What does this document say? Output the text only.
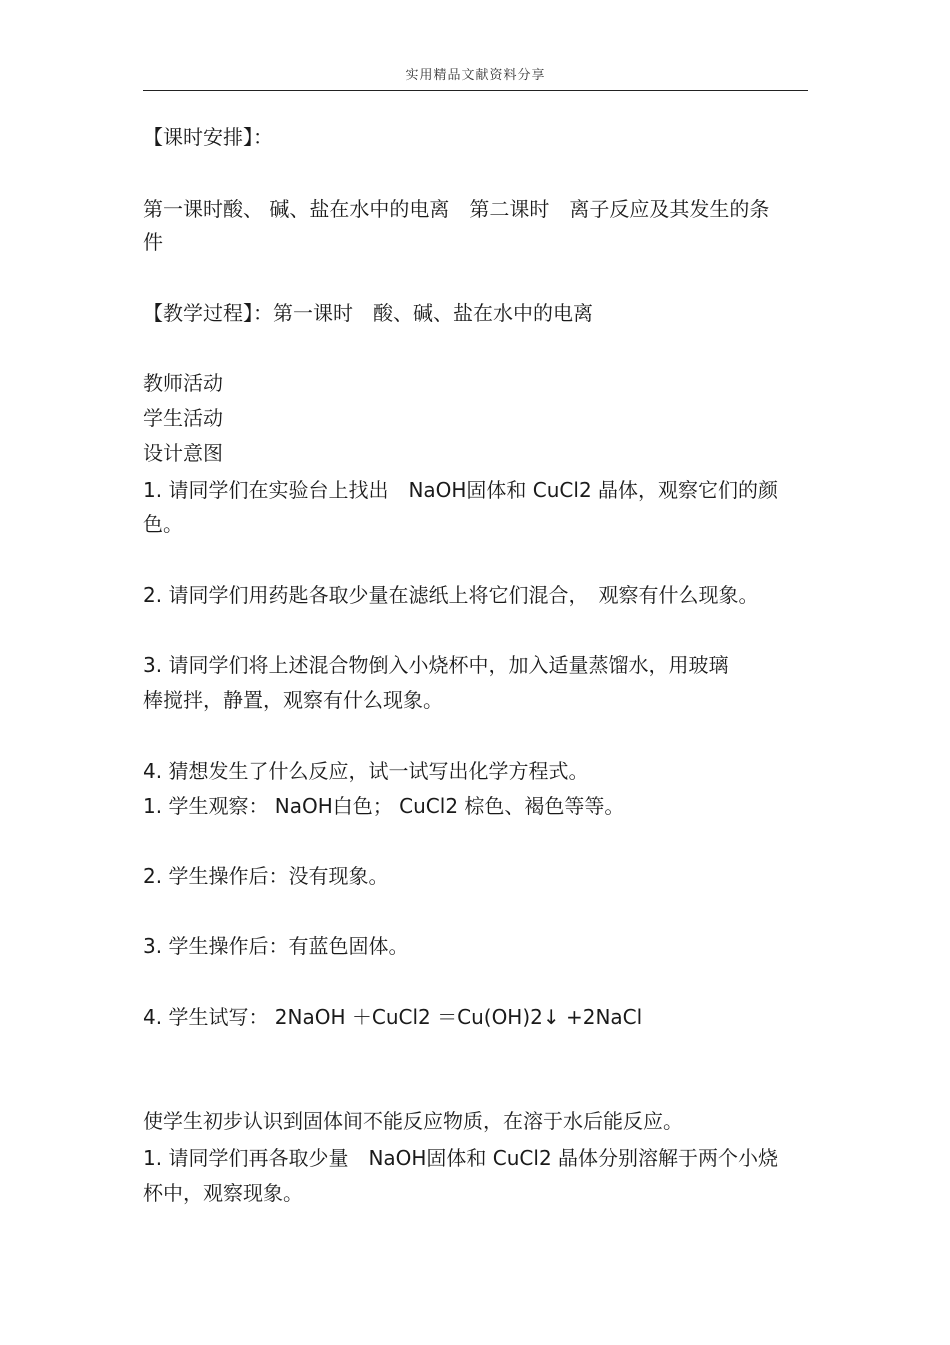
实用精品文献资料分享
【课时安排】：
第一课时酸、 碱、盐在水中的电离　第二课时　离子反应及其发生的条
件
【教学过程】：第一课时　酸、碱、盐在水中的电离
教师活动
学生活动
设计意图
1. 请同学们在实验台上找出　NaOH固体和 CuCl2 晶体，观察它们的颜
色。
2. 请同学们用药匙各取少量在滤纸上将它们混合，　观察有什么现象。
3. 请同学们将上述混合物倒入小烧杯中，加入适量蒸馏水，用玻璃
棒搅拌，静置，观察有什么现象。
4. 猜想发生了什么反应，试一试写出化学方程式。
1. 学生观察： NaOH白色； CuCl2 棕色、褐色等等。
2. 学生操作后：没有现象。
3. 学生操作后：有蓝色固体。
4. 学生试写： 2NaOH ＋CuCl2 ＝Cu(OH)2↓ +2NaCl
使学生初步认识到固体间不能反应物质，在溶于水后能反应。
1. 请同学们再各取少量　NaOH固体和 CuCl2 晶体分别溶解于两个小烧
杯中，观察现象。
